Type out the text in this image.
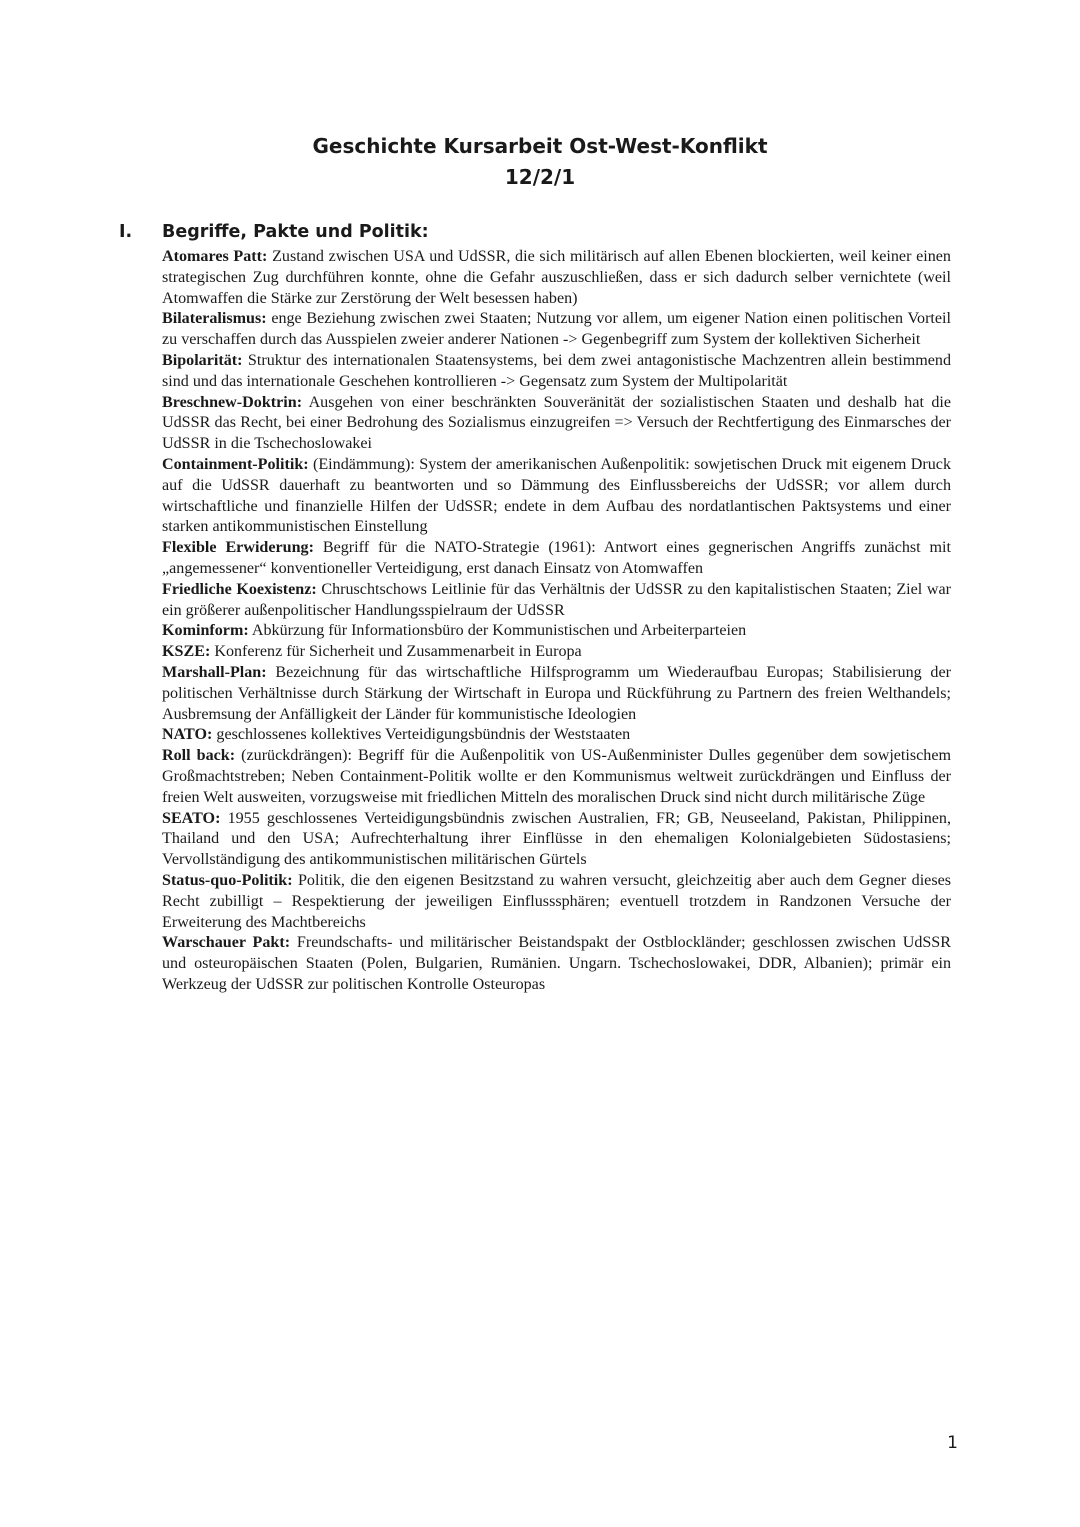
Geschichte Kursarbeit Ost-West-Konflikt
12/2/1
I.	Begriffe, Pakte und Politik:

Atomares Patt: Zustand zwischen USA und UdSSR, die sich militärisch auf allen Ebenen blockierten, weil keiner einen strategischen Zug durchführen konnte, ohne die Gefahr auszuschließen, dass er sich dadurch selber vernichtete (weil Atomwaffen die Stärke zur Zerstörung der Welt besessen haben)

Bilateralismus: enge Beziehung zwischen zwei Staaten; Nutzung vor allem, um eigener Nation einen politischen Vorteil zu verschaffen durch das Ausspielen zweier anderer Nationen -> Gegenbegriff zum System der kollektiven Sicherheit

Bipolarität: Struktur des internationalen Staatensystems, bei dem zwei antagonistische Machzentren allein bestimmend sind und das internationale Geschehen kontrollieren -> Gegensatz zum System der Multipolarität

Breschnew-Doktrin: Ausgehen von einer beschränkten Souveränität der sozialistischen Staaten und deshalb hat die UdSSR das Recht, bei einer Bedrohung des Sozialismus einzugreifen => Versuch der Rechtfertigung des Einmarsches der UdSSR in die Tschechoslowakei

Containment-Politik: (Eindämmung): System der amerikanischen Außenpolitik: sowjetischen Druck mit eigenem Druck auf die UdSSR dauerhaft zu beantworten und so Dämmung des Einflussbereichs der UdSSR; vor allem durch wirtschaftliche und finanzielle Hilfen der UdSSR; endete in dem Aufbau des nordatlantischen Paktsystems und einer starken antikommunistischen Einstellung

Flexible Erwiderung: Begriff für die NATO-Strategie (1961): Antwort eines gegnerischen Angriffs zunächst mit „angemessener“ konventioneller Verteidigung, erst danach Einsatz von Atomwaffen

Friedliche Koexistenz: Chruschtschows Leitlinie für das Verhältnis der UdSSR zu den kapitalistischen Staaten; Ziel war ein größerer außenpolitischer Handlungsspielraum der UdSSR

Kominform: Abkürzung für Informationsbüro der Kommunistischen und Arbeiterparteien

KSZE: Konferenz für Sicherheit und Zusammenarbeit in Europa

Marshall-Plan: Bezeichnung für das wirtschaftliche Hilfsprogramm um Wiederaufbau Europas; Stabilisierung der politischen Verhältnisse durch Stärkung der Wirtschaft in Europa und Rückführung zu Partnern des freien Welthandels; Ausbremsung der Anfälligkeit der Länder für kommunistische Ideologien

NATO: geschlossenes kollektives Verteidigungsbündnis der Weststaaten

Roll back: (zurückdrängen): Begriff für die Außenpolitik von US-Außenminister Dulles gegenüber dem sowjetischem Großmachtstreben; Neben Containment-Politik wollte er den Kommunismus weltweit zurückdrängen und Einfluss der freien Welt ausweiten, vorzugsweise mit friedlichen Mitteln des moralischen Druck sind nicht durch militärische Züge

SEATO: 1955 geschlossenes Verteidigungsbündnis zwischen Australien, FR; GB, Neuseeland, Pakistan, Philippinen, Thailand und den USA; Aufrechterhaltung ihrer Einflüsse in den ehemaligen Kolonialgebieten Südostasiens; Vervollständigung des antikommunistischen militärischen Gürtels

Status-quo-Politik: Politik, die den eigenen Besitzstand zu wahren versucht, gleichzeitig aber auch dem Gegner dieses Recht zubilligt – Respektierung der jeweiligen Einflusssphären; eventuell trotzdem in Randzonen Versuche der Erweiterung des Machtbereichs

Warschauer Pakt: Freundschafts- und militärischer Beistandspakt der Ostblockländer; geschlossen zwischen UdSSR und osteuropäischen Staaten (Polen, Bulgarien, Rumänien. Ungarn. Tschechoslowakei, DDR, Albanien); primär ein Werkzeug der UdSSR zur politischen Kontrolle Osteuropas

1
